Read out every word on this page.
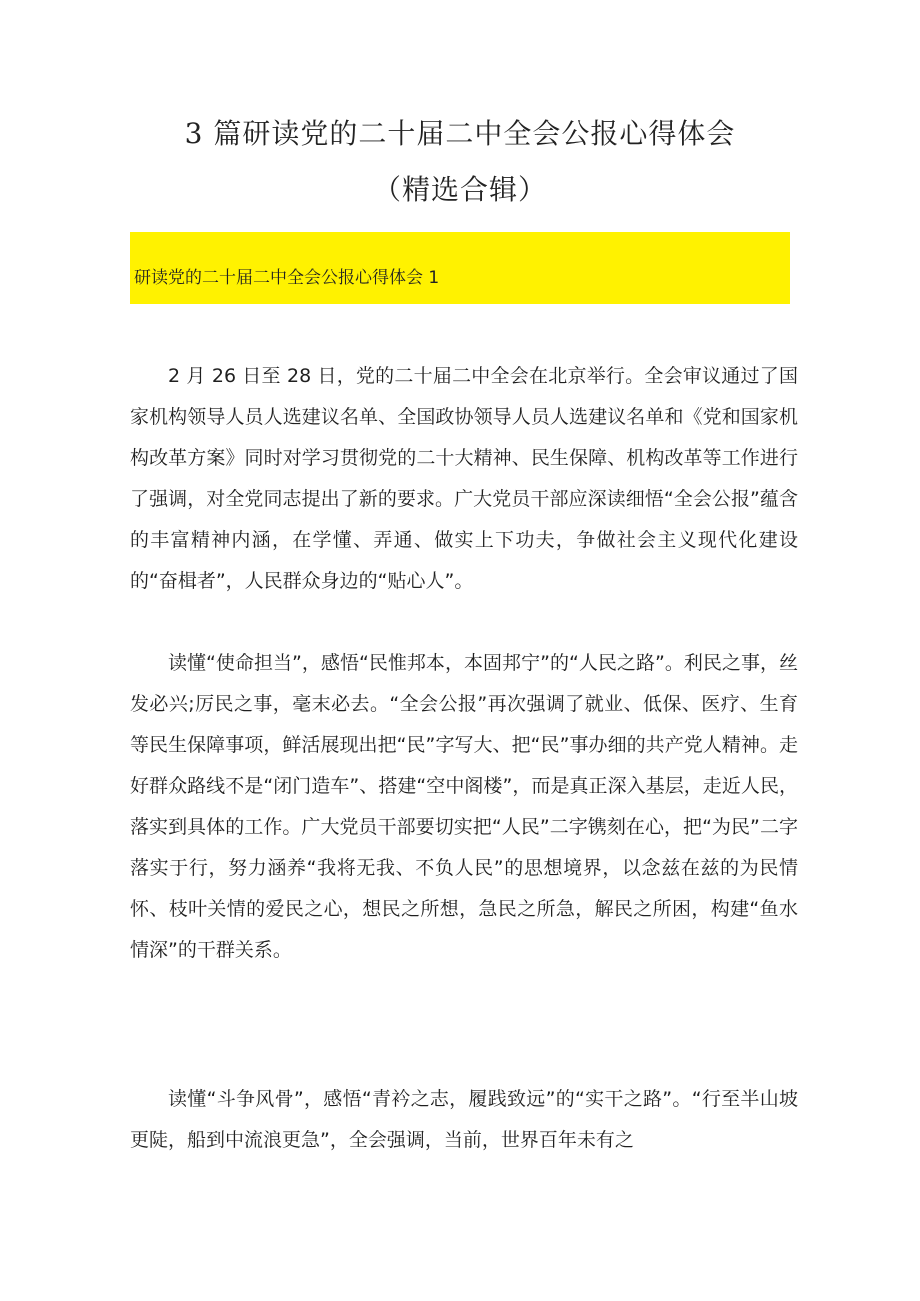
3 篇研读党的二十届二中全会公报心得体会
（精选合辑）
研读党的二十届二中全会公报心得体会 1

2 月 26 日至 28 日，党的二十届二中全会在北京举行。全会审议通过了国家机构领导人员人选建议名单、全国政协领导人员人选建议名单和《党和国家机构改革方案》同时对学习贯彻党的二十大精神、民生保障、机构改革等工作进行了强调，对全党同志提出了新的要求。广大党员干部应深读细悟“全会公报”蕴含的丰富精神内涵，在学懂、弄通、做实上下功夫，争做社会主义现代化建设的“奋楫者”，人民群众身边的“贴心人”。

读懂“使命担当”，感悟“民惟邦本，本固邦宁”的“人民之路”。利民之事，丝发必兴;厉民之事，毫末必去。“全会公报”再次强调了就业、低保、医疗、生育等民生保障事项，鲜活展现出把“民”字写大、把“民”事办细的共产党人精神。走好群众路线不是“闭门造车”、搭建“空中阁楼”，而是真正深入基层，走近人民，落实到具体的工作。广大党员干部要切实把“人民”二字镌刻在心，把“为民”二字落实于行，努力涵养“我将无我、不负人民”的思想境界，以念兹在兹的为民情怀、枝叶关情的爱民之心，想民之所想，急民之所急，解民之所困，构建“鱼水情深”的干群关系。

读懂“斗争风骨”，感悟“青衿之志，履践致远”的“实干之路”。“行至半山坡更陡，船到中流浪更急”，全会强调，当前，世界百年未有之
